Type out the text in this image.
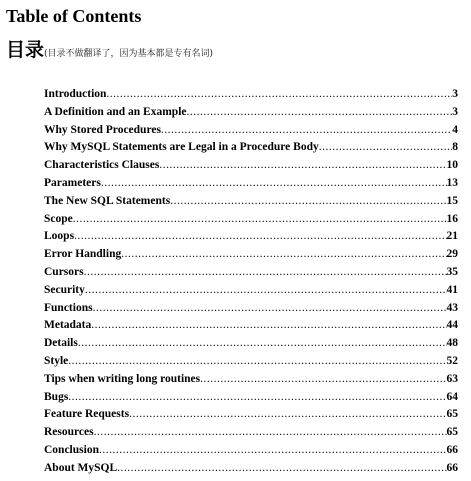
Table of Contents
目录(目录不做翻译了，因为基本都是专有名词)
Introduction .....	3
A Definition and an Example .....	3
Why Stored Procedures .....	4
Why MySQL Statements are Legal in a Procedure Body .....	8
Characteristics Clauses .....	10
Parameters .....	13
The New SQL Statements .....	15
Scope .....	16
Loops .....	21
Error Handling .....	29
Cursors .....	35
Security .....	41
Functions .....	43
Metadata .....	44
Details .....	48
Style .....	52
Tips when writing long routines .....	63
Bugs .....	64
Feature Requests .....	65
Resources .....	65
Conclusion .....	66
About MySQL .....	66
